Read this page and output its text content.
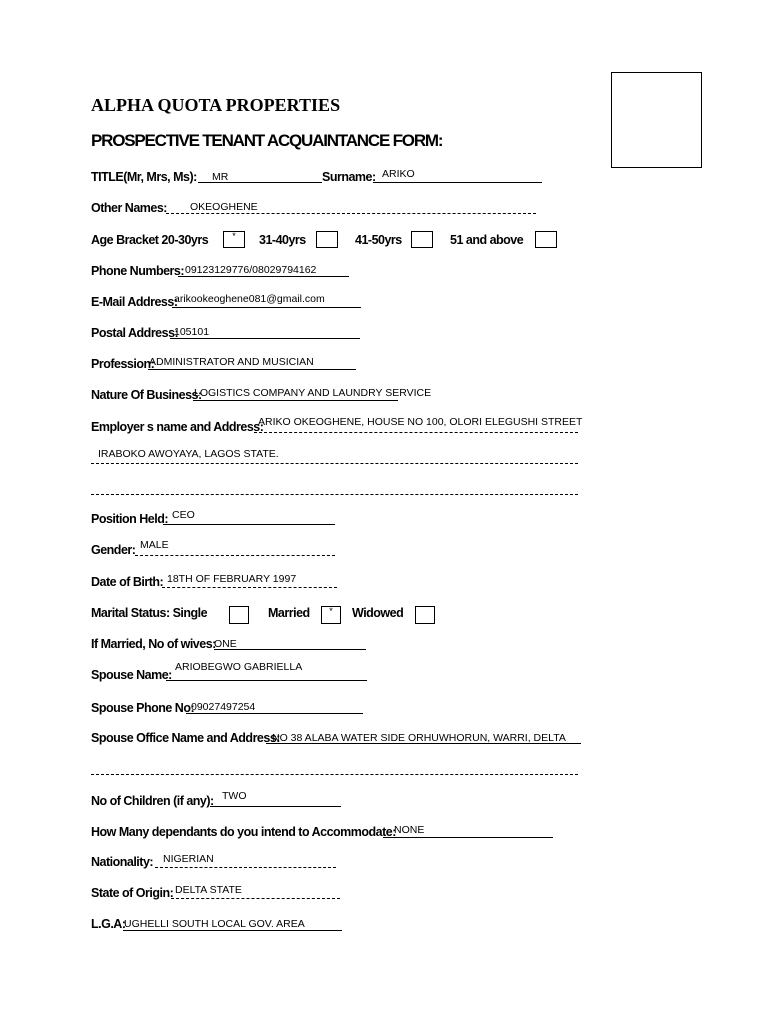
ALPHA QUOTA PROPERTIES
PROSPECTIVE TENANT ACQUAINTANCE FORM:
TITLE(Mr, Mrs, Ms): MR	Surname: ARIKO
Other Names: OKEOGHENE
Age Bracket 20-30yrs	*	31-40yrs	41-50yrs	51 and above
Phone Numbers: 09123129776/08029794162
E-Mail Address:
arikookeoghene081@gmail.com
Postal Address:
105101
Profession:
ADMINISTRATOR AND MUSICIAN
Nature Of Business:
LOGISTICS COMPANY AND LAUNDRY SERVICE
Employer s name and Address:
ARIKO OKEOGHENE, HOUSE NO 100, OLORI ELEGUSHI STREET
IRABOKO AWOYAYA, LAGOS STATE.
Position Held: CEO
Gender: MALE
Date of Birth: 18TH OF FEBRUARY 1997
Marital Status: Single	Married	*	Widowed
If Married, No of wives:
ONE
Spouse Name:
ARIOBEGWO GABRIELLA
Spouse Phone No:
09027497254
Spouse Office Name and Address:
NO 38 ALABA WATER SIDE ORHUWHORUN, WARRI, DELTA
No of Children (if any): TWO
How Many dependants do you intend to Accommodate:
NONE
Nationality: NIGERIAN
State of Origin: DELTA STATE
L.G.A:
UGHELLI SOUTH LOCAL GOV. AREA
